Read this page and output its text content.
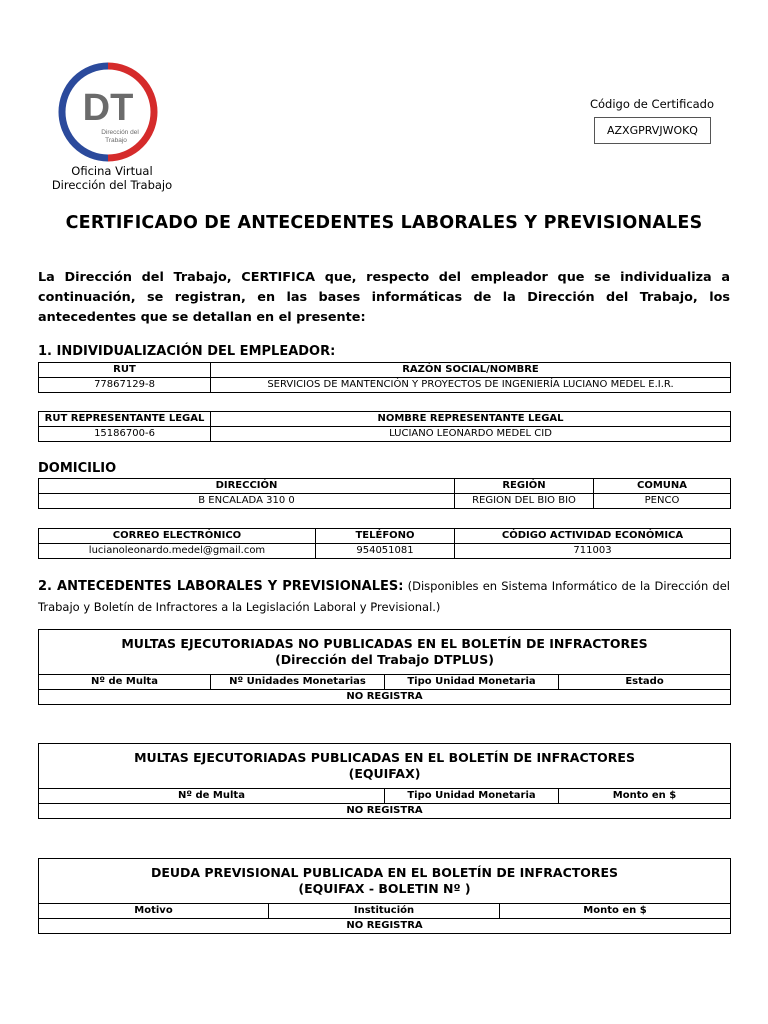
DT
Dirección del
Trabajo
Oficina Virtual
Dirección del Trabajo
Código de Certificado
AZXGPRVJWOKQ
CERTIFICADO DE ANTECEDENTES LABORALES Y PREVISIONALES
La Dirección del Trabajo, CERTIFICA que, respecto del empleador que se individualiza a continuación, se registran, en las bases informáticas de la Dirección del Trabajo, los antecedentes que se detallan en el presente:
1. INDIVIDUALIZACIÓN DEL EMPLEADOR:
RUT	RAZÓN SOCIAL/NOMBRE
77867129-8	SERVICIOS DE MANTENCIÓN Y PROYECTOS DE INGENIERÍA LUCIANO MEDEL E.I.R.
RUT REPRESENTANTE LEGAL	NOMBRE REPRESENTANTE LEGAL
15186700-6	LUCIANO LEONARDO MEDEL CID
DOMICILIO
DIRECCIÓN	REGIÓN	COMUNA
B ENCALADA 310 0	REGION DEL BIO BIO	PENCO
CORREO ELECTRÓNICO	TELÉFONO	CÓDIGO ACTIVIDAD ECONÓMICA
lucianoleonardo.medel@gmail.com	954051081	711003
2. ANTECEDENTES LABORALES Y PREVISIONALES: (Disponibles en Sistema Informático de la Dirección del Trabajo y Boletín de Infractores a la Legislación Laboral y Previsional.)
MULTAS EJECUTORIADAS NO PUBLICADAS EN EL BOLETÍN DE INFRACTORES
(Dirección del Trabajo DTPLUS)

Nº de Multa	Nº Unidades Monetarias	Tipo Unidad Monetaria	Estado
NO REGISTRA
MULTAS EJECUTORIADAS PUBLICADAS EN EL BOLETÍN DE INFRACTORES
(EQUIFAX)

Nº de Multa	Tipo Unidad Monetaria	Monto en $
NO REGISTRA
DEUDA PREVISIONAL PUBLICADA EN EL BOLETÍN DE INFRACTORES
(EQUIFAX - BOLETIN Nº )

Motivo	Institución	Monto en $
NO REGISTRA
